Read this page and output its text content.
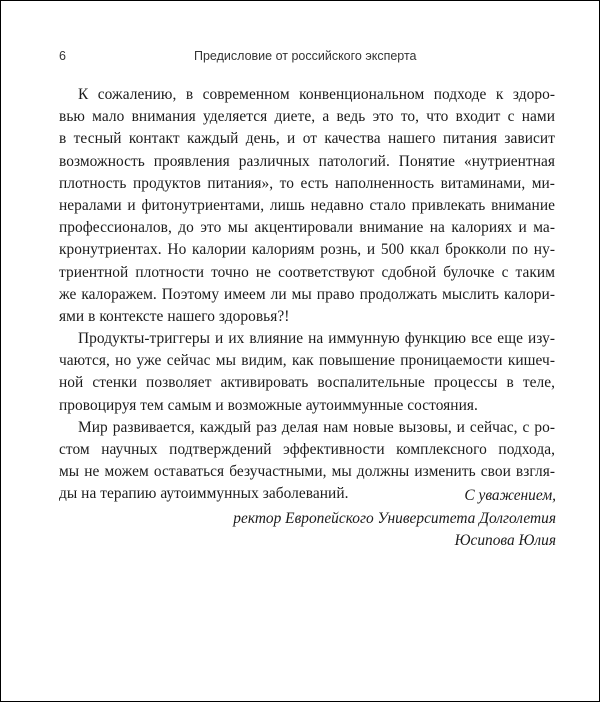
6	Предисловие от российского эксперта
К сожалению, в современном конвенциональном подходе к здоро-
вью мало внимания уделяется диете, а ведь это то, что входит с нами
в тесный контакт каждый день, и от качества нашего питания зависит
возможность проявления различных патологий. Понятие «нутриентная
плотность продуктов питания», то есть наполненность витаминами, ми-
нералами и фитонутриентами, лишь недавно стало привлекать внимание
профессионалов, до это мы акцентировали внимание на калориях и ма-
кронутриентах. Но калории калориям рознь, и 500 ккал брокколи по ну-
триентной плотности точно не соответствуют сдобной булочке с таким
же калоражем. Поэтому имеем ли мы право продолжать мыслить калори-
ями в контексте нашего здоровья?!
Продукты-триггеры и их влияние на иммунную функцию все еще изу-
чаются, но уже сейчас мы видим, как повышение проницаемости кишеч-
ной стенки позволяет активировать воспалительные процессы в теле,
провоцируя тем самым и возможные аутоиммунные состояния.
Мир развивается, каждый раз делая нам новые вызовы, и сейчас, с ро-
стом научных подтверждений эффективности комплексного подхода,
мы не можем оставаться безучастными, мы должны изменить свои взгля-
ды на терапию аутоиммунных заболеваний.	С уважением,
ректор Европейского Университета Долголетия
Юсипова Юлия
